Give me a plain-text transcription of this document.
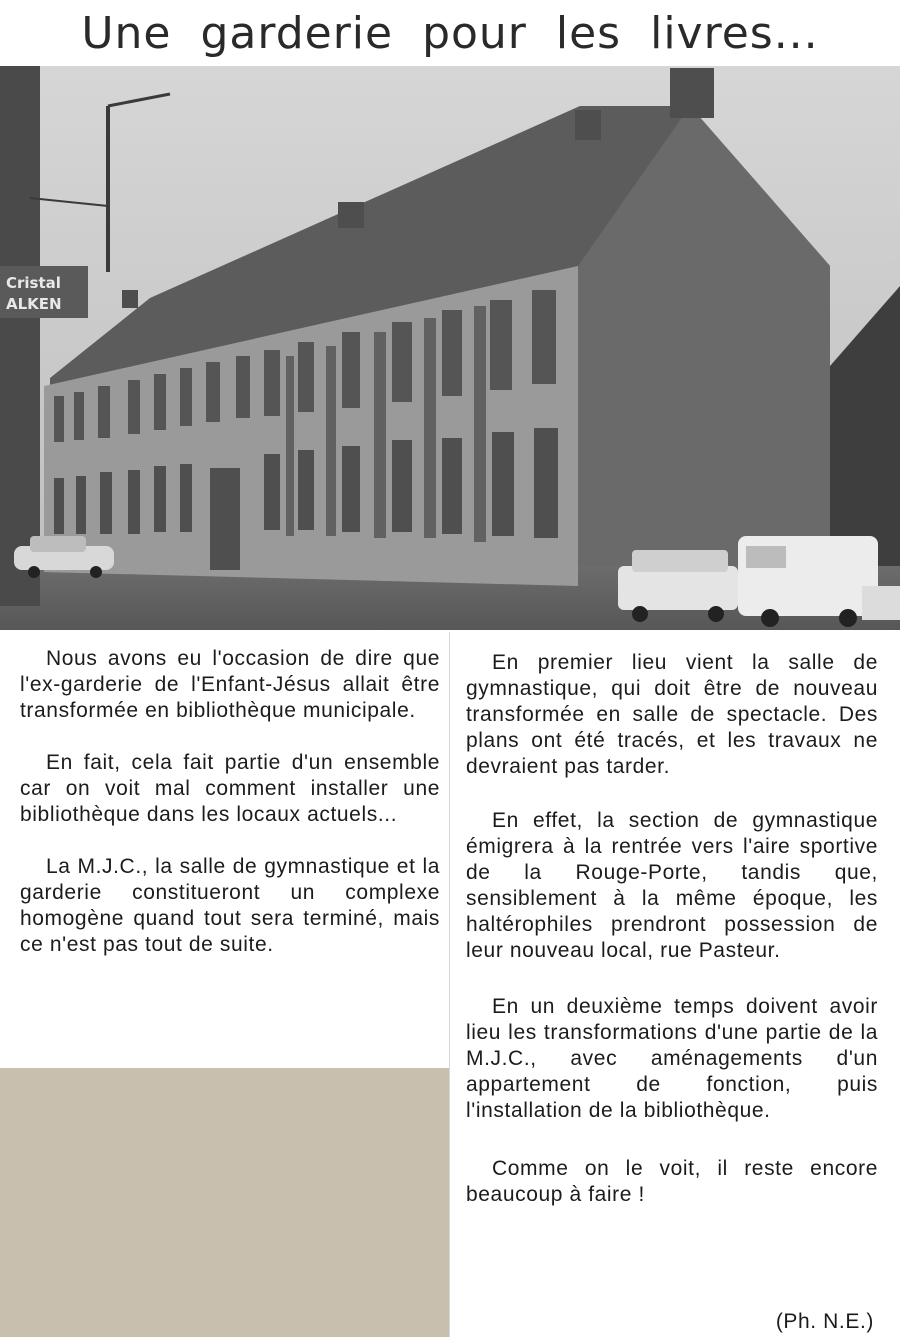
Une garderie pour les livres...
Cristal
ALKEN

Nous avons eu l'occasion de dire que l'ex-garderie de l'Enfant-Jésus allait être transformée en bibliothèque municipale.

En fait, cela fait partie d'un ensemble car on voit mal comment installer une bibliothèque dans les locaux actuels...

La M.J.C., la salle de gymnastique et la garderie constitueront un complexe homogène quand tout sera terminé, mais ce n'est pas tout de suite.

En premier lieu vient la salle de gymnastique, qui doit être de nouveau transformée en salle de spectacle. Des plans ont été tracés, et les travaux ne devraient pas tarder.

En effet, la section de gymnastique émigrera à la rentrée vers l'aire sportive de la Rouge-Porte, tandis que, sensiblement à la même époque, les haltérophiles prendront possession de leur nouveau local, rue Pasteur.

En un deuxième temps doivent avoir lieu les transformations d'une partie de la M.J.C., avec aménagements d'un appartement de fonction, puis l'installation de la bibliothèque.

Comme on le voit, il reste encore beaucoup à faire !

(Ph. N.E.)
